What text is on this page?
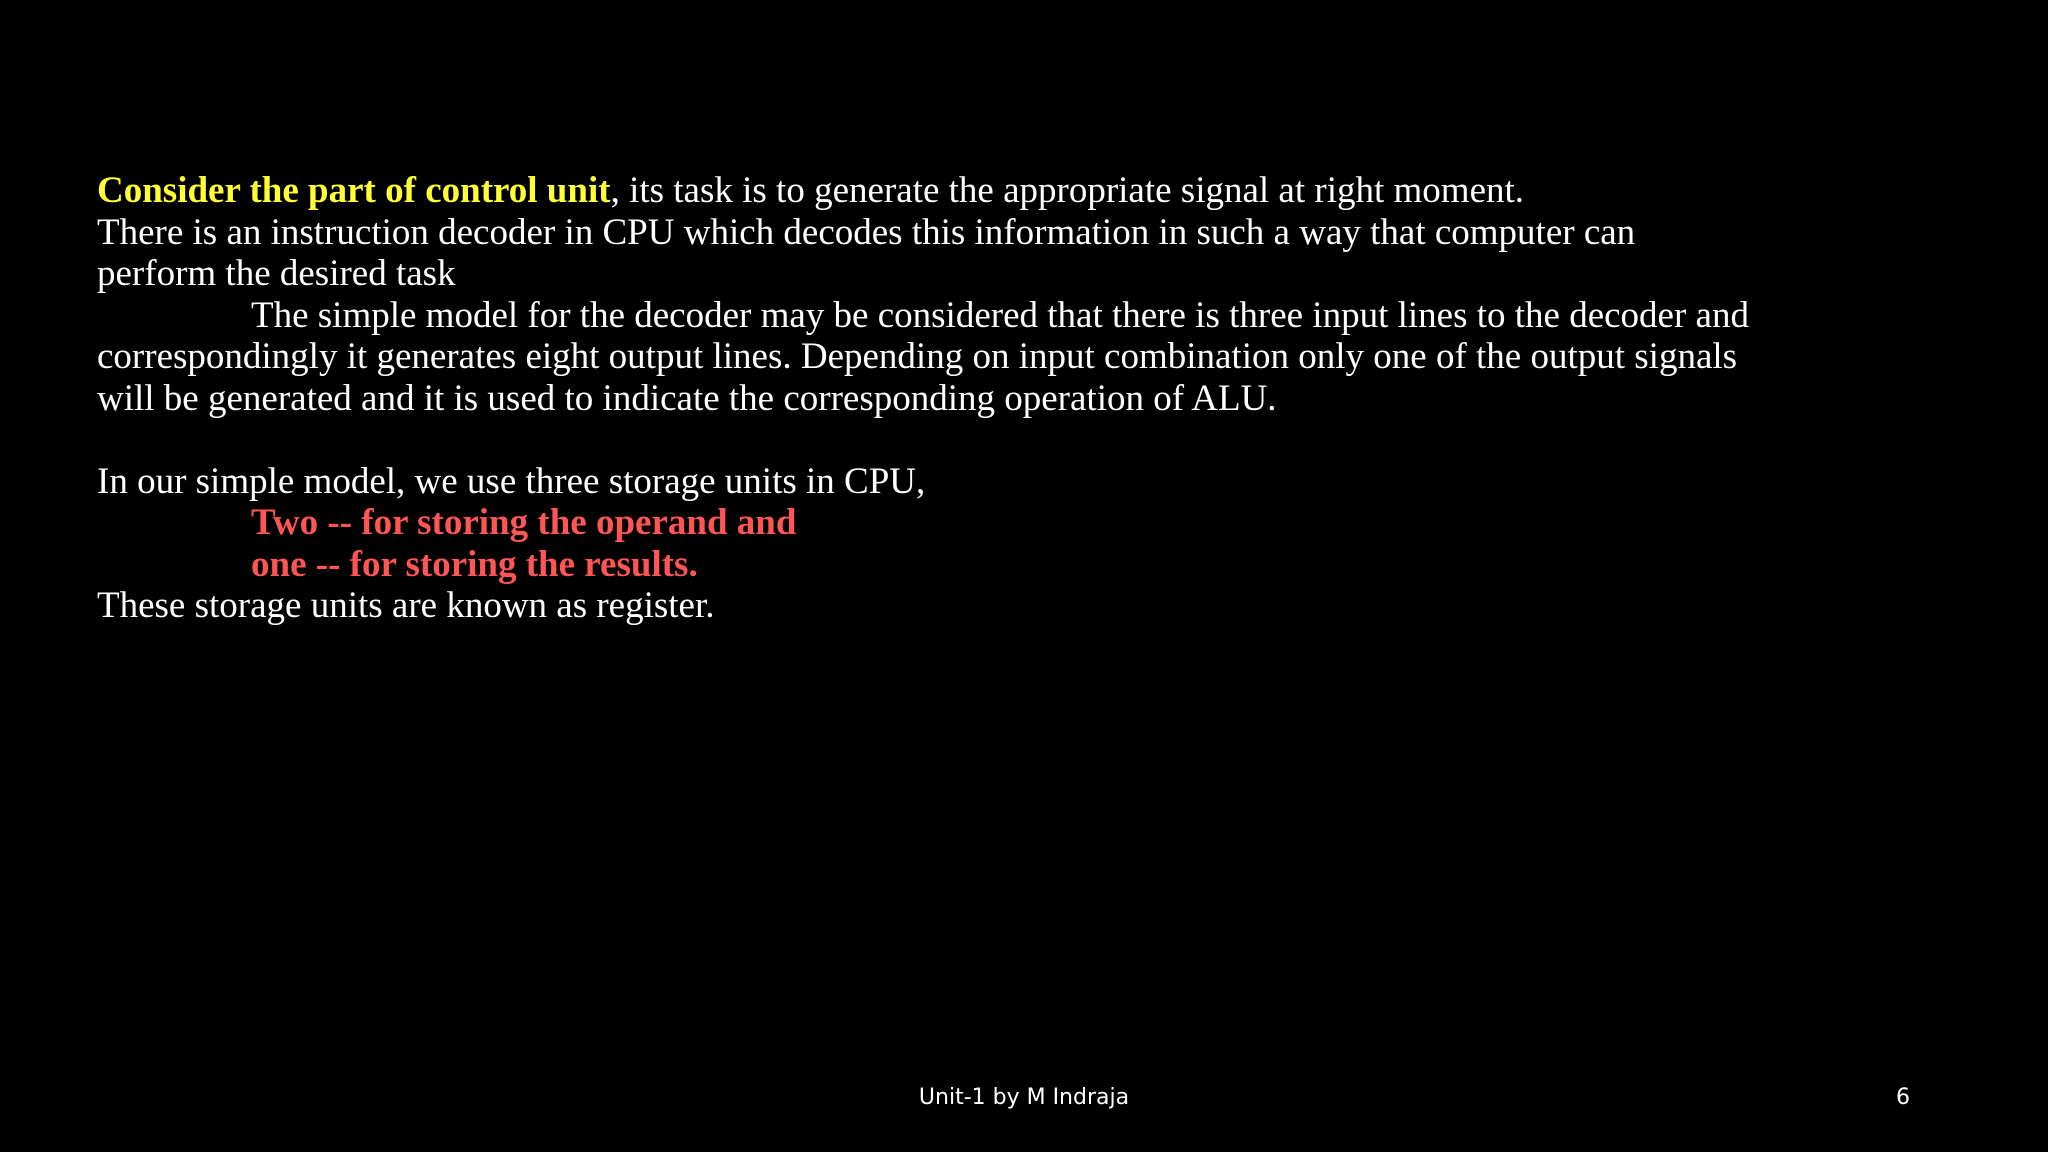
Consider the part of control unit, its task is to generate the appropriate signal at right moment.
There is an instruction decoder in CPU which decodes this information in such a way that computer can
perform the desired task
The simple model for the decoder may be considered that there is three input lines to the decoder and
correspondingly it generates eight output lines. Depending on input combination only one of the output signals
will be generated and it is used to indicate the corresponding operation of ALU.
In our simple model, we use three storage units in CPU,
Two -- for storing the operand and
one -- for storing the results.
These storage units are known as register.
Unit-1 by M Indraja	6
